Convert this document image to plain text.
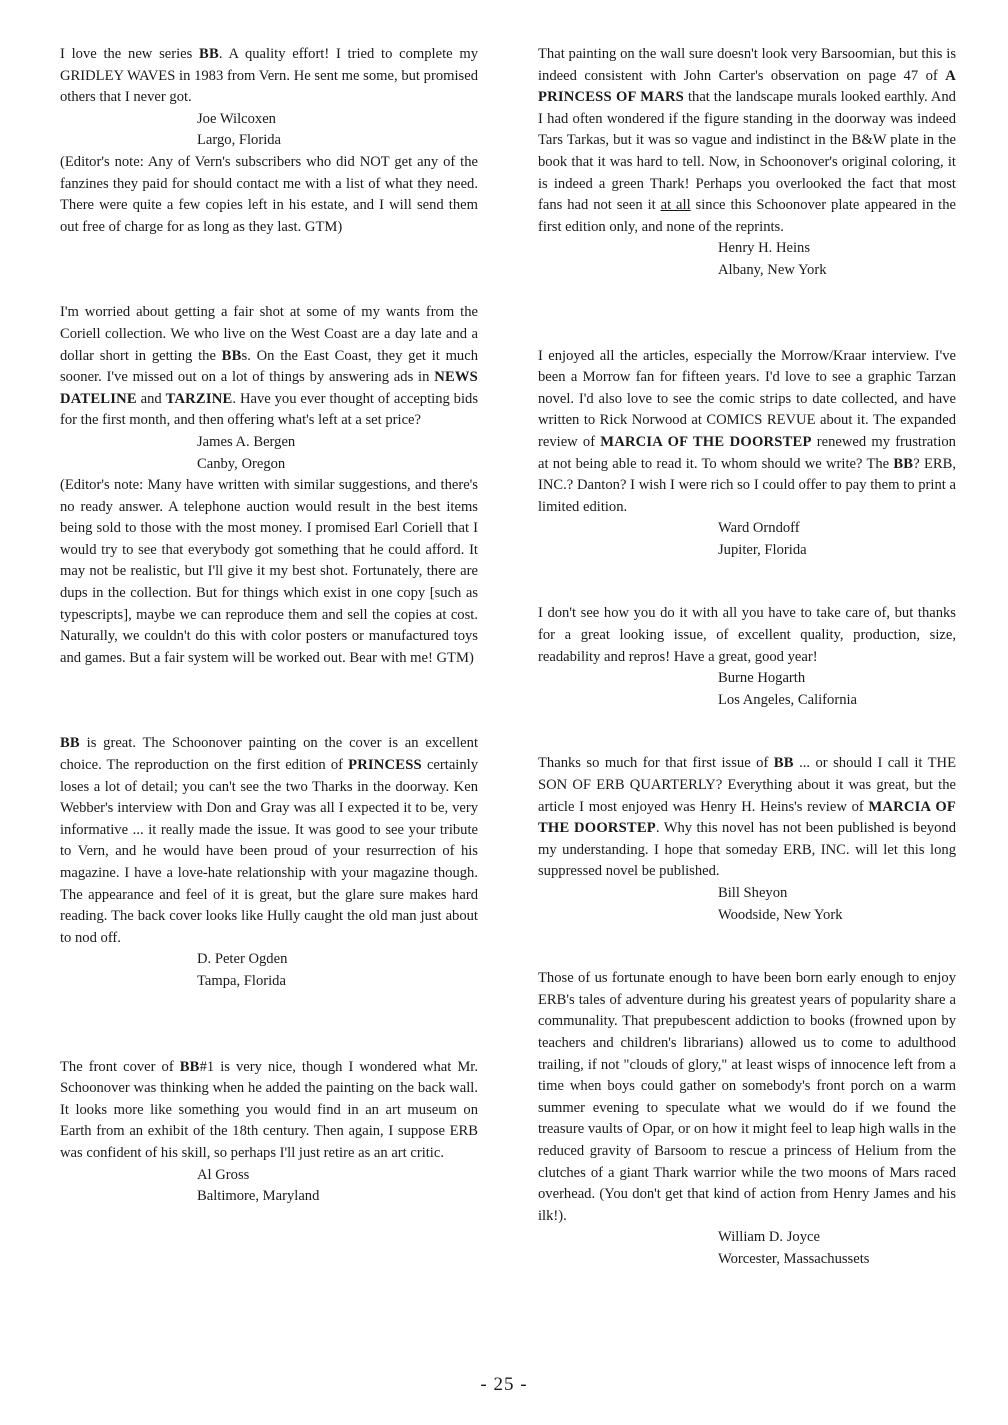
I love the new series BB. A quality effort! I tried to complete my GRIDLEY WAVES in 1983 from Vern. He sent me some, but promised others that I never got.

Joe Wilcoxen
Largo, Florida

(Editor's note: Any of Vern's subscribers who did NOT get any of the fanzines they paid for should contact me with a list of what they need. There were quite a few copies left in his estate, and I will send them out free of charge for as long as they last. GTM)

I'm worried about getting a fair shot at some of my wants from the Coriell collection. We who live on the West Coast are a day late and a dollar short in getting the BBs. On the East Coast, they get it much sooner. I've missed out on a lot of things by answering ads in NEWS DATELINE and TARZINE. Have you ever thought of accepting bids for the first month, and then offering what's left at a set price?

James A. Bergen
Canby, Oregon

(Editor's note: Many have written with similar suggestions, and there's no ready answer. A telephone auction would result in the best items being sold to those with the most money. I promised Earl Coriell that I would try to see that everybody got something that he could afford. It may not be realistic, but I'll give it my best shot. Fortunately, there are dups in the collection. But for things which exist in one copy [such as typescripts], maybe we can reproduce them and sell the copies at cost. Naturally, we couldn't do this with color posters or manufactured toys and games. But a fair system will be worked out. Bear with me! GTM)

BB is great. The Schoonover painting on the cover is an excellent choice. The reproduction on the first edition of PRINCESS certainly loses a lot of detail; you can't see the two Tharks in the doorway. Ken Webber's interview with Don and Gray was all I expected it to be, very informative ... it really made the issue. It was good to see your tribute to Vern, and he would have been proud of your resurrection of his magazine. I have a love-hate relationship with your magazine though. The appearance and feel of it is great, but the glare sure makes hard reading. The back cover looks like Hully caught the old man just about to nod off.

D. Peter Ogden
Tampa, Florida

The front cover of BB#1 is very nice, though I wondered what Mr. Schoonover was thinking when he added the painting on the back wall. It looks more like something you would find in an art museum on Earth from an exhibit of the 18th century. Then again, I suppose ERB was confident of his skill, so perhaps I'll just retire as an art critic.

Al Gross
Baltimore, Maryland

That painting on the wall sure doesn't look very Barsoomian, but this is indeed consistent with John Carter's observation on page 47 of A PRINCESS OF MARS that the landscape murals looked earthly. And I had often wondered if the figure standing in the doorway was indeed Tars Tarkas, but it was so vague and indistinct in the B&W plate in the book that it was hard to tell. Now, in Schoonover's original coloring, it is indeed a green Thark! Perhaps you overlooked the fact that most fans had not seen it at all since this Schoonover plate appeared in the first edition only, and none of the reprints.

Henry H. Heins
Albany, New York

I enjoyed all the articles, especially the Morrow/Kraar interview. I've been a Morrow fan for fifteen years. I'd love to see a graphic Tarzan novel. I'd also love to see the comic strips to date collected, and have written to Rick Norwood at COMICS REVUE about it. The expanded review of MARCIA OF THE DOORSTEP renewed my frustration at not being able to read it. To whom should we write? The BB? ERB, INC.? Danton? I wish I were rich so I could offer to pay them to print a limited edition.

Ward Orndoff
Jupiter, Florida

I don't see how you do it with all you have to take care of, but thanks for a great looking issue, of excellent quality, production, size, readability and repros! Have a great, good year!

Burne Hogarth
Los Angeles, California

Thanks so much for that first issue of BB ... or should I call it THE SON OF ERB QUARTERLY? Everything about it was great, but the article I most enjoyed was Henry H. Heins's review of MARCIA OF THE DOORSTEP. Why this novel has not been published is beyond my understanding. I hope that someday ERB, INC. will let this long suppressed novel be published.

Bill Sheyon
Woodside, New York

Those of us fortunate enough to have been born early enough to enjoy ERB's tales of adventure during his greatest years of popularity share a communality. That prepubescent addiction to books (frowned upon by teachers and children's librarians) allowed us to come to adulthood trailing, if not "clouds of glory," at least wisps of innocence left from a time when boys could gather on somebody's front porch on a warm summer evening to speculate what we would do if we found the treasure vaults of Opar, or on how it might feel to leap high walls in the reduced gravity of Barsoom to rescue a princess of Helium from the clutches of a giant Thark warrior while the two moons of Mars raced overhead. (You don't get that kind of action from Henry James and his ilk!).

William D. Joyce
Worcester, Massachussets
- 25 -
